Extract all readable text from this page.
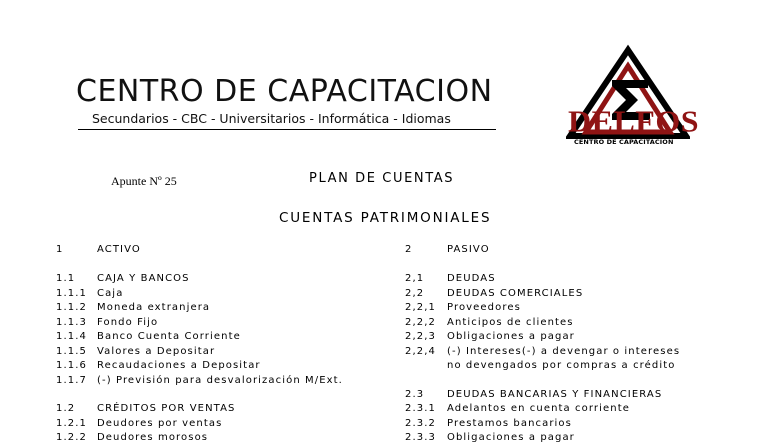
CENTRO DE CAPACITACION
Secundarios - CBC - Universitarios - Informática - Idiomas	DELFOS
CENTRO DE CAPACITACION
Apunte Nº 25	PLAN DE CUENTAS
CUENTAS PATRIMONIALES
1	ACTIVO
1.1 CAJA Y BANCOS
1.1.1 Caja
1.1.2 Moneda extranjera
1.1.3 Fondo Fijo
1.1.4 Banco Cuenta Corriente
1.1.5 Valores a Depositar
1.1.6 Recaudaciones a Depositar
1.1.7 (-) Previsión para desvalorización M/Ext.
1.2 CRÉDITOS POR VENTAS
1.2.1 Deudores por ventas
1.2.2 Deudores morosos
2	PASIVO
2,1 DEUDAS
2,2 DEUDAS COMERCIALES
2,2,1 Proveedores
2,2,2 Anticipos de clientes
2,2,3 Obligaciones a pagar
2,2,4 (-) Intereses(-) a devengar o intereses
no devengados por compras a crédito
2.3 DEUDAS BANCARIAS Y FINANCIERAS
2.3.1 Adelantos en cuenta corriente
2.3.2 Prestamos bancarios
2.3.3 Obligaciones a pagar
